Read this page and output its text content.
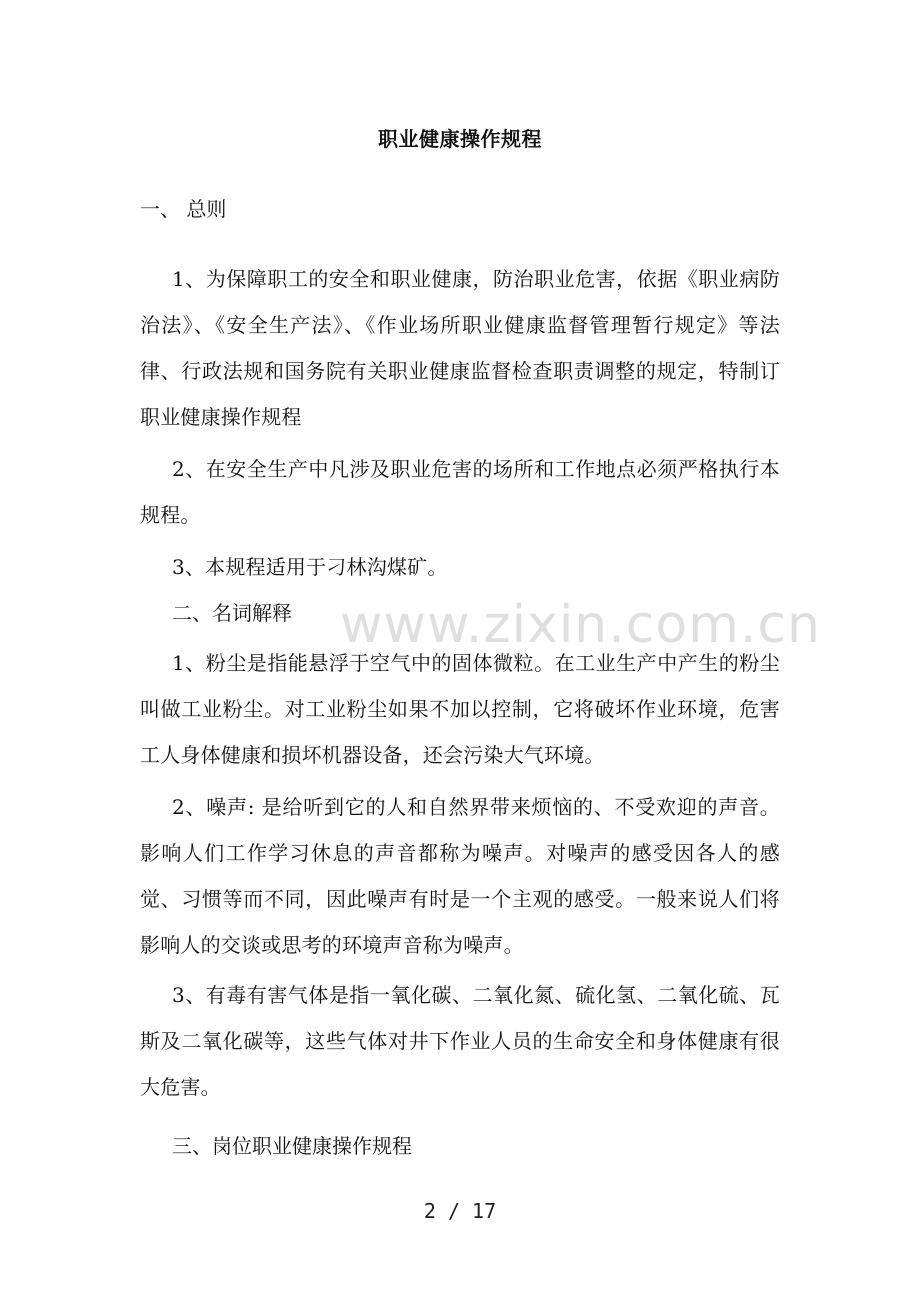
职业健康操作规程
一、 总则
1、为保障职工的安全和职业健康，防治职业危害，依据《职业病防治法》、《安全生产法》、《作业场所职业健康监督管理暂行规定》等法律、行政法规和国务院有关职业健康监督检查职责调整的规定，特制订职业健康操作规程
2、在安全生产中凡涉及职业危害的场所和工作地点必须严格执行本规程。
3、本规程适用于刁林沟煤矿。
二、名词解释
1、粉尘是指能悬浮于空气中的固体微粒。在工业生产中产生的粉尘叫做工业粉尘。对工业粉尘如果不加以控制，它将破坏作业环境，危害工人身体健康和损坏机器设备，还会污染大气环境。
2、噪声: 是给听到它的人和自然界带来烦恼的、不受欢迎的声音。影响人们工作学习休息的声音都称为噪声。对噪声的感受因各人的感觉、习惯等而不同，因此噪声有时是一个主观的感受。一般来说人们将影响人的交谈或思考的环境声音称为噪声。
3、有毒有害气体是指一氧化碳、二氧化氮、硫化氢、二氧化硫、瓦斯及二氧化碳等，这些气体对井下作业人员的生命安全和身体健康有很大危害。
三、岗位职业健康操作规程
www.zixin.com.cn
2 / 17
